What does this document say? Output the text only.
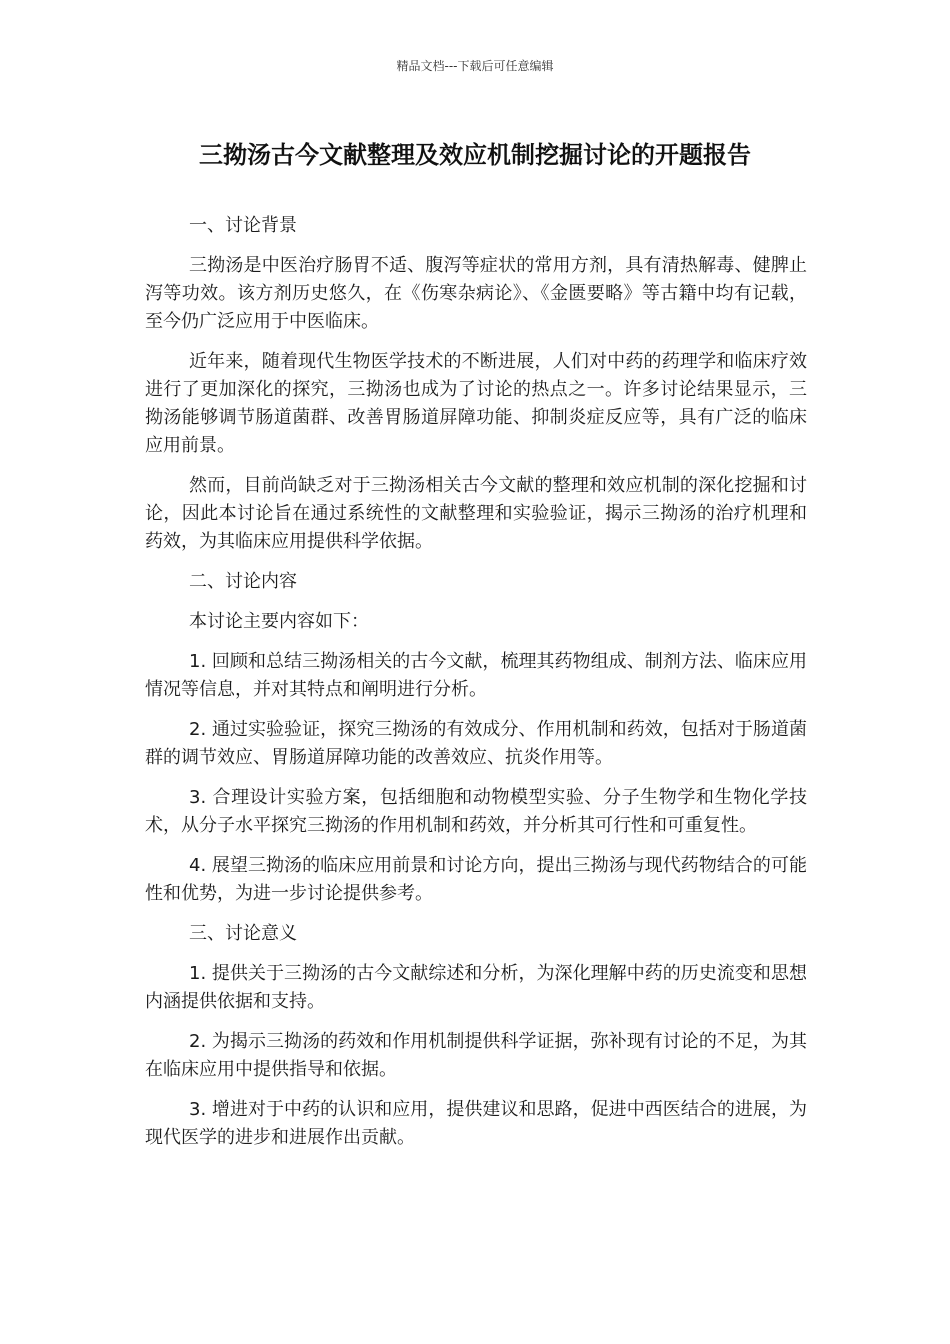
精品文档---下载后可任意编辑
三拗汤古今文献整理及效应机制挖掘讨论的开题报告

一、讨论背景

三拗汤是中医治疗肠胃不适、腹泻等症状的常用方剂，具有清热解毒、健脾止泻等功效。该方剂历史悠久，在《伤寒杂病论》、《金匮要略》等古籍中均有记载，至今仍广泛应用于中医临床。

近年来，随着现代生物医学技术的不断进展，人们对中药的药理学和临床疗效进行了更加深化的探究，三拗汤也成为了讨论的热点之一。许多讨论结果显示，三拗汤能够调节肠道菌群、改善胃肠道屏障功能、抑制炎症反应等，具有广泛的临床应用前景。

然而，目前尚缺乏对于三拗汤相关古今文献的整理和效应机制的深化挖掘和讨论，因此本讨论旨在通过系统性的文献整理和实验验证，揭示三拗汤的治疗机理和药效，为其临床应用提供科学依据。

二、讨论内容

本讨论主要内容如下：

1. 回顾和总结三拗汤相关的古今文献，梳理其药物组成、制剂方法、临床应用情况等信息，并对其特点和阐明进行分析。

2. 通过实验验证，探究三拗汤的有效成分、作用机制和药效，包括对于肠道菌群的调节效应、胃肠道屏障功能的改善效应、抗炎作用等。

3. 合理设计实验方案，包括细胞和动物模型实验、分子生物学和生物化学技术，从分子水平探究三拗汤的作用机制和药效，并分析其可行性和可重复性。

4. 展望三拗汤的临床应用前景和讨论方向，提出三拗汤与现代药物结合的可能性和优势，为进一步讨论提供参考。

三、讨论意义

1. 提供关于三拗汤的古今文献综述和分析，为深化理解中药的历史流变和思想内涵提供依据和支持。

2. 为揭示三拗汤的药效和作用机制提供科学证据，弥补现有讨论的不足，为其在临床应用中提供指导和依据。

3. 增进对于中药的认识和应用，提供建议和思路，促进中西医结合的进展，为现代医学的进步和进展作出贡献。
